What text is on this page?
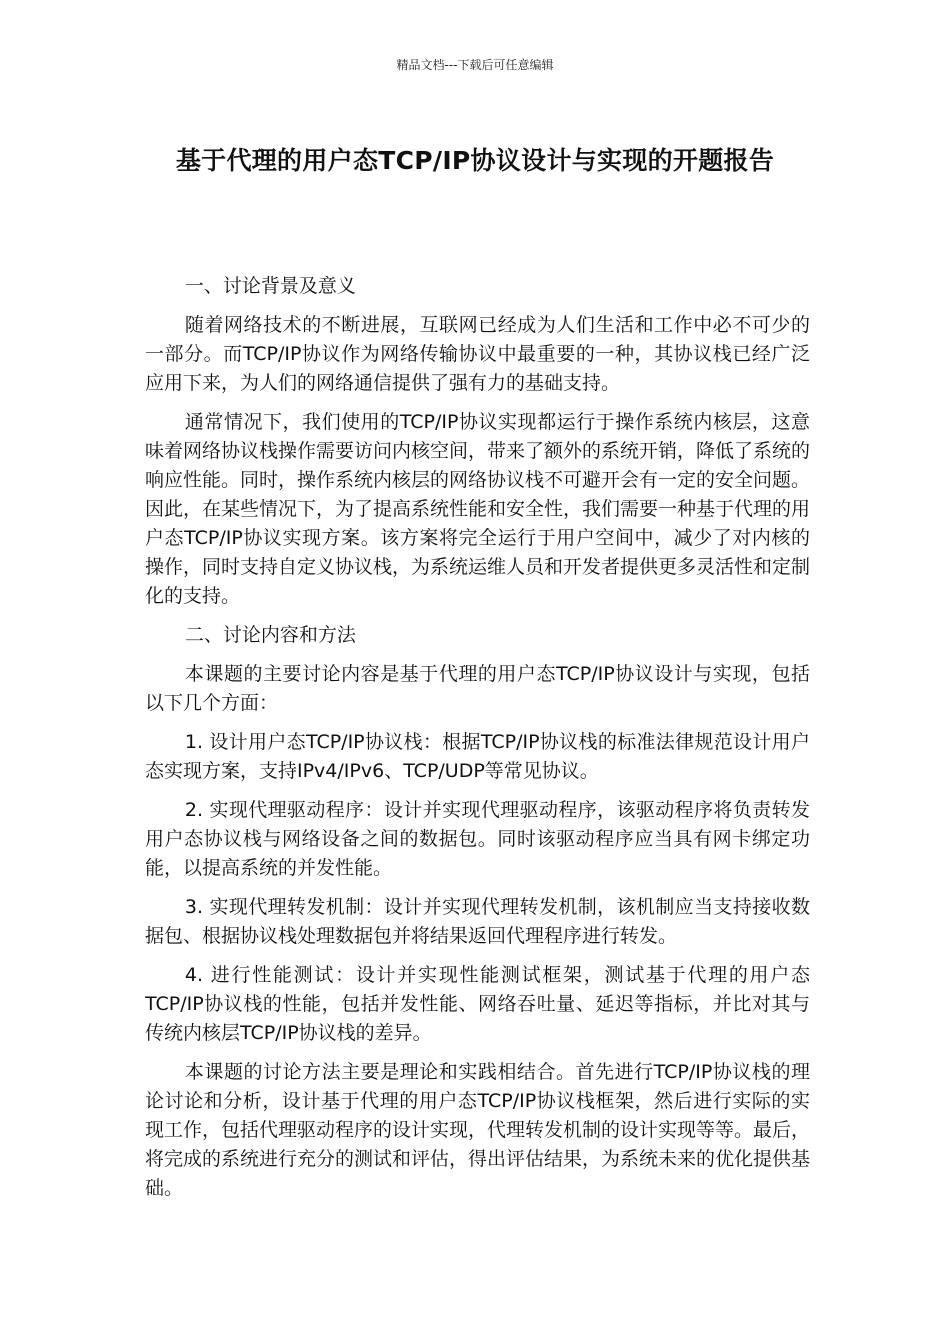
精品文档---下载后可任意编辑
基于代理的用户态TCP/IP协议设计与实现的开题报告

一、讨论背景及意义

随着网络技术的不断进展，互联网已经成为人们生活和工作中必不可少的一部分。而TCP/IP协议作为网络传输协议中最重要的一种，其协议栈已经广泛应用下来，为人们的网络通信提供了强有力的基础支持。

通常情况下，我们使用的TCP/IP协议实现都运行于操作系统内核层，这意味着网络协议栈操作需要访问内核空间，带来了额外的系统开销，降低了系统的响应性能。同时，操作系统内核层的网络协议栈不可避开会有一定的安全问题。因此，在某些情况下，为了提高系统性能和安全性，我们需要一种基于代理的用户态TCP/IP协议实现方案。该方案将完全运行于用户空间中，减少了对内核的操作，同时支持自定义协议栈，为系统运维人员和开发者提供更多灵活性和定制化的支持。

二、讨论内容和方法

本课题的主要讨论内容是基于代理的用户态TCP/IP协议设计与实现，包括以下几个方面：

1. 设计用户态TCP/IP协议栈：根据TCP/IP协议栈的标准法律规范设计用户态实现方案，支持IPv4/IPv6、TCP/UDP等常见协议。

2. 实现代理驱动程序：设计并实现代理驱动程序，该驱动程序将负责转发用户态协议栈与网络设备之间的数据包。同时该驱动程序应当具有网卡绑定功能，以提高系统的并发性能。

3. 实现代理转发机制：设计并实现代理转发机制，该机制应当支持接收数据包、根据协议栈处理数据包并将结果返回代理程序进行转发。

4. 进行性能测试：设计并实现性能测试框架，测试基于代理的用户态TCP/IP协议栈的性能，包括并发性能、网络吞吐量、延迟等指标，并比对其与传统内核层TCP/IP协议栈的差异。

本课题的讨论方法主要是理论和实践相结合。首先进行TCP/IP协议栈的理论讨论和分析，设计基于代理的用户态TCP/IP协议栈框架，然后进行实际的实现工作，包括代理驱动程序的设计实现，代理转发机制的设计实现等等。最后，将完成的系统进行充分的测试和评估，得出评估结果，为系统未来的优化提供基础。
